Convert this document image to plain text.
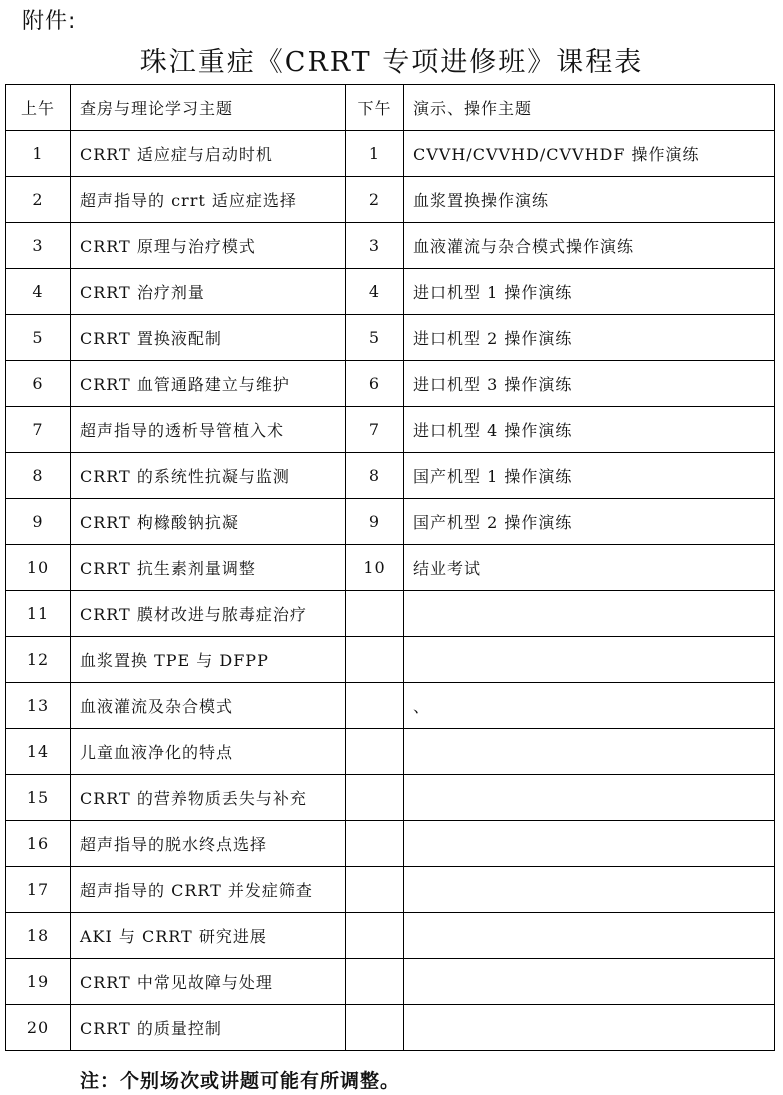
附件:
珠江重症《CRRT 专项进修班》课程表
上午	查房与理论学习主题	下午	演示、操作主题
1	CRRT 适应症与启动时机	1	CVVH/CVVHD/CVVHDF 操作演练
2	超声指导的 crrt 适应症选择	2	血浆置换操作演练
3	CRRT 原理与治疗模式	3	血液灌流与杂合模式操作演练
4	CRRT 治疗剂量	4	进口机型 1 操作演练
5	CRRT 置换液配制	5	进口机型 2 操作演练
6	CRRT 血管通路建立与维护	6	进口机型 3 操作演练
7	超声指导的透析导管植入术	7	进口机型 4 操作演练
8	CRRT 的系统性抗凝与监测	8	国产机型 1 操作演练
9	CRRT 枸橼酸钠抗凝	9	国产机型 2 操作演练
10	CRRT 抗生素剂量调整	10	结业考试
11	CRRT 膜材改进与脓毒症治疗		
12	血浆置换 TPE 与 DFPP		
13	血液灌流及杂合模式		、
14	儿童血液净化的特点		
15	CRRT 的营养物质丢失与补充		
16	超声指导的脱水终点选择		
17	超声指导的 CRRT 并发症筛查		
18	AKI 与 CRRT 研究进展		
19	CRRT 中常见故障与处理		
20	CRRT 的质量控制		
注：个别场次或讲题可能有所调整。
